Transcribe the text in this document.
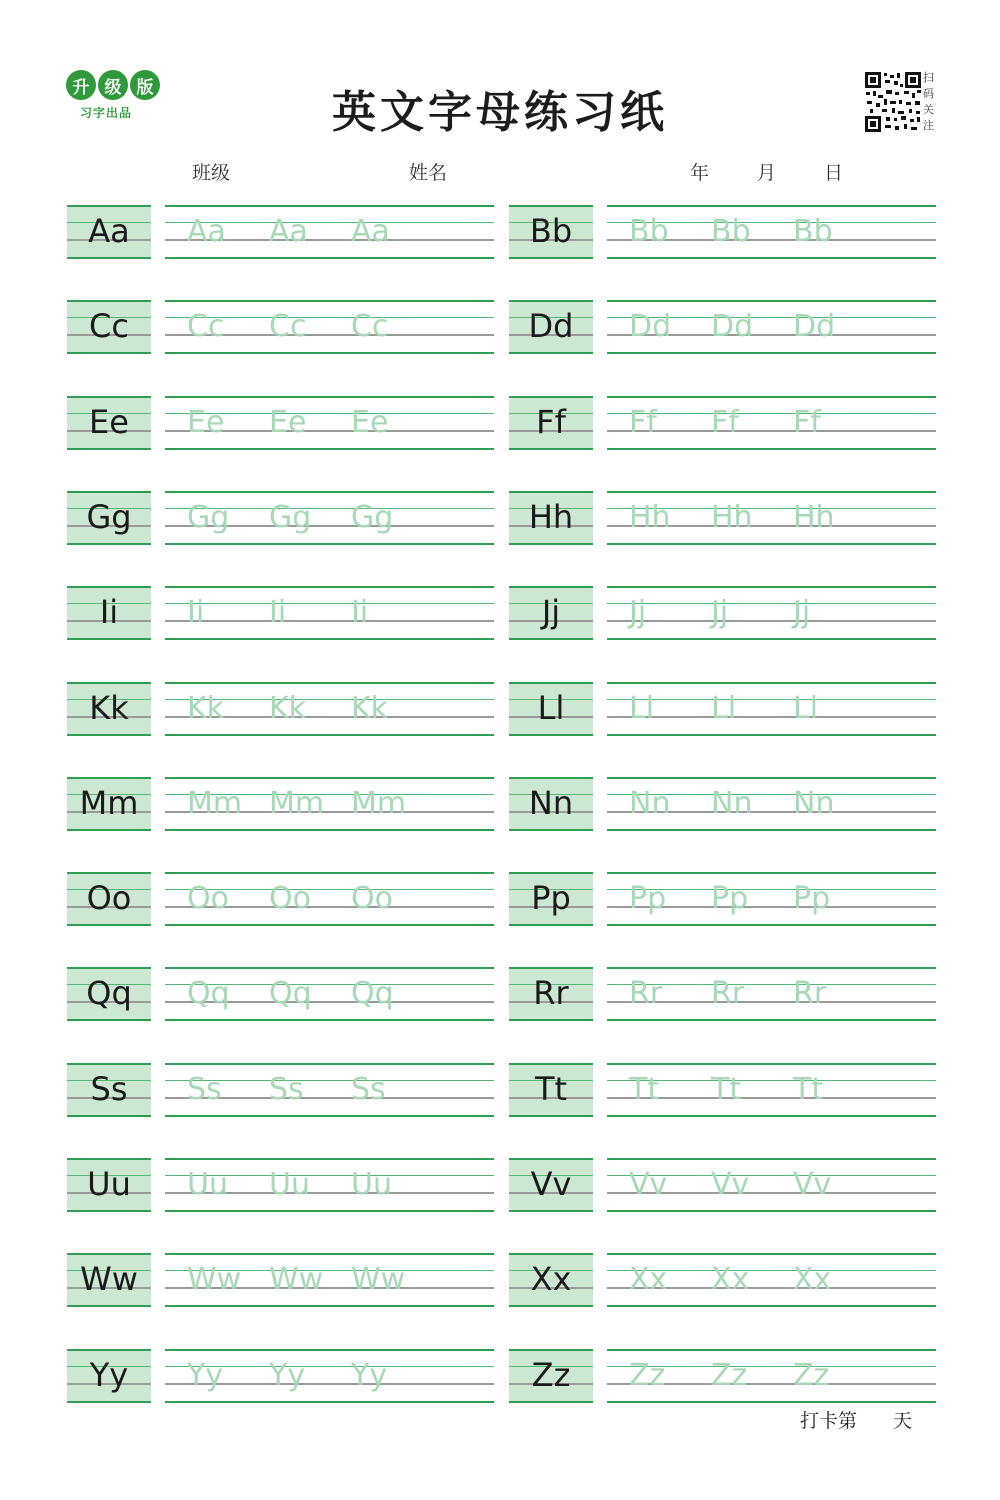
升 级 版
习字出品	英文字母练习纸
扫
码
关
注
班级	姓名	年	月	日
Aa	Aa Aa Aa	Bb	Bb Bb Bb
Cc	Cc Cc Cc	Dd	Dd Dd Dd
Ee	Ee Ee Ee	Ff	Ff Ff Ff
Gg	Gg Gg Gg	Hh	Hh Hh Hh
Ii	Ii Ii Ii	Jj	Jj Jj Jj
Kk	Kk Kk Kk	Ll	Ll Ll Ll
Mm	Mm Mm Mm	Nn	Nn Nn Nn
Oo	Oo Oo Oo	Pp	Pp Pp Pp
Qq	Qq Qq Qq	Rr	Rr Rr Rr
Ss	Ss Ss Ss	Tt	Tt Tt Tt
Uu	Uu Uu Uu	Vv	Vv Vv Vv
Ww	Ww Ww Ww	Xx	Xx Xx Xx
Yy	Yy Yy Yy	Zz	Zz Zz Zz
打卡第 天
